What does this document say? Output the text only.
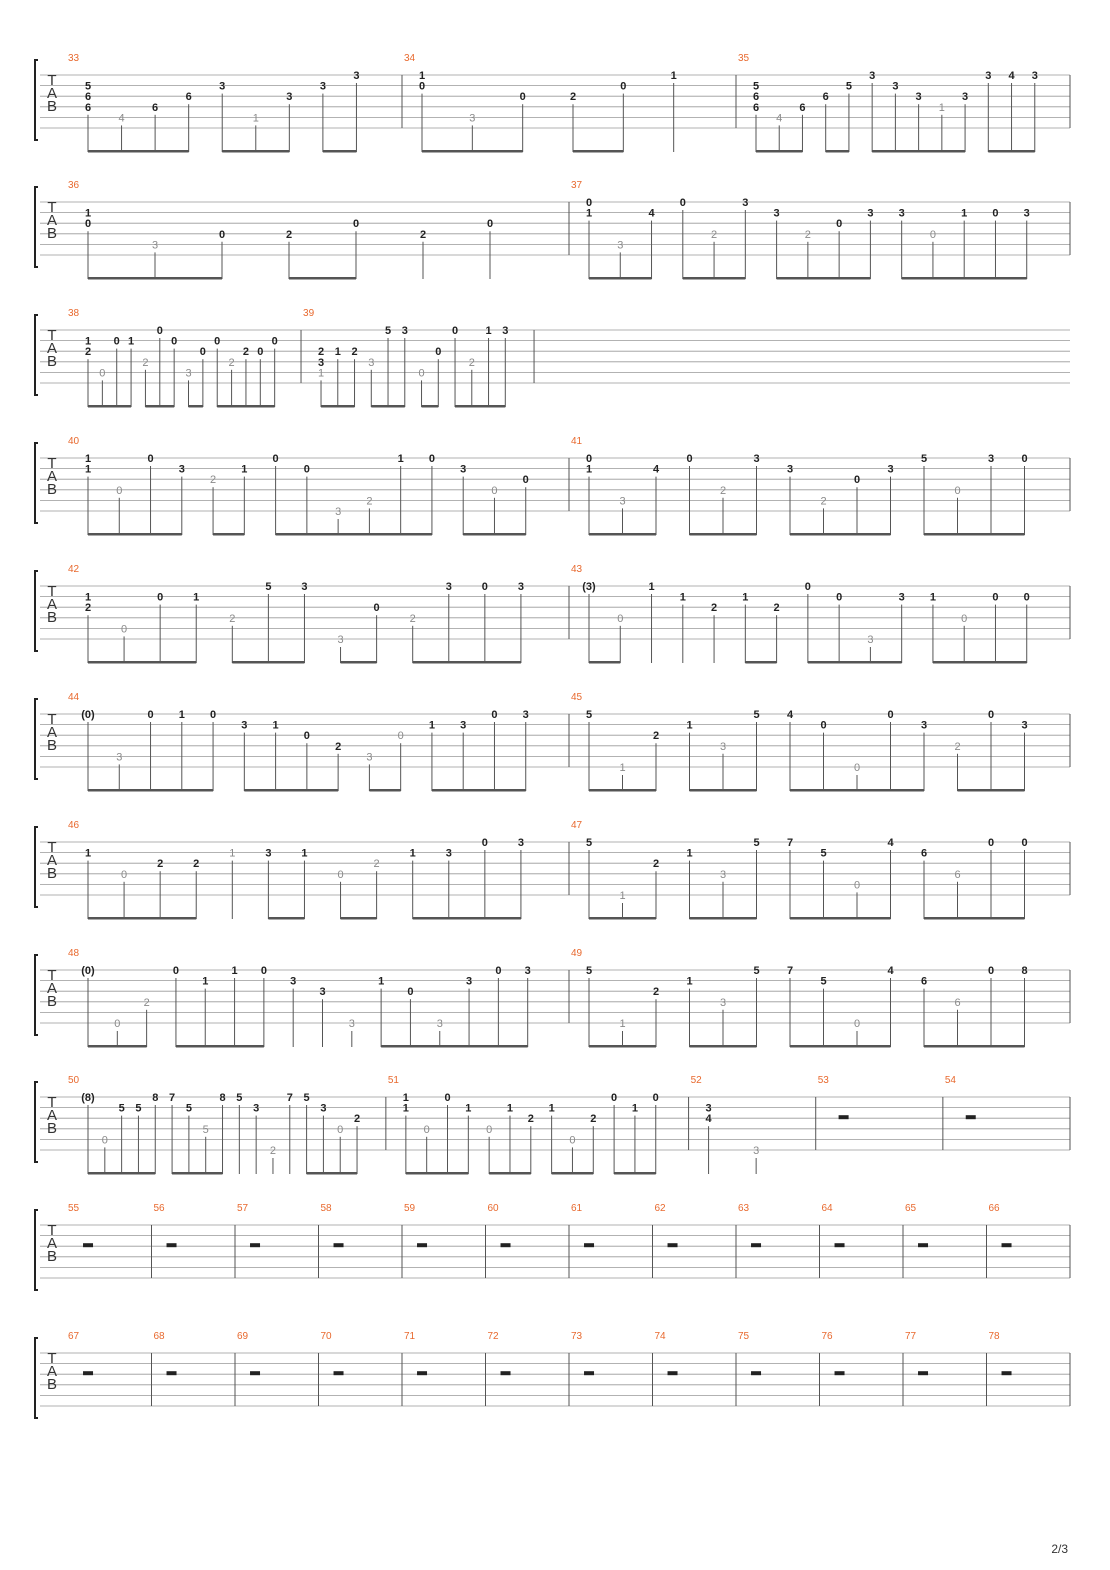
T
A
B
33
5
6
6
4
6
6
3
1
3
3
3
34
1
0
3
0	2
0
1
35
5
6
6
4
6
6
5
3
3
3
1
3
3 4 3
T
A
B
36
1
0
3
0	2
0
2
0
37
0
1
3
4
0
2
3
3
2
0
3 3
0
1 0 3
T
A
B
38
1
2
0
0 1
2
0
0
3
0
0
2
2 0
0
39
2
3
1
1 2
3
5 3
0
0
0
2
1 3
T
A
B
40
1
1
0
0
3
2
1
0
0
3
2
1 0
3
0
0
41
0
1
3
4
0
2
3
3
2
0
3
5
0
3 0
T
A
B
42
1
2
0
0	1
2
5	3
3
0
2
3	0	3
43
(3)
0
1
1
2
1
2
0
0
3
3 1
0
0 0
T
A
B
44
(0)
3
0 1 0
3 1
0
2
3
0
1 3
0 3
45
5
1
2
1
3
5 4
0
0
0
3
2
0
3
T
A
B
46
1
0
2	2
1	3	1
0
2
1	3
0	3
47
5
1
2
1
3
5 7
5
0
4
6
6
0 0
T
A
B
48
(0)
0
2
0
1
1 0
3
3
3
1
0
3
3
0 3
49
5
1
2
1
3
5 7
5
0
4
6
6
0 8
T
A
B
50
(8)
0
5 5
8 7
5
5
8 5
3
2
7 5
3
0
2
51
1
1
0
0
1
0
1
2
1
0
2
0
1
0
52
3
4
3
53	54
T
A
B
55	56	57	58	59	60	61	62	63	64	65	66
T
A
B
67	68	69	70	71	72	73	74	75	76	77	78
2/3
